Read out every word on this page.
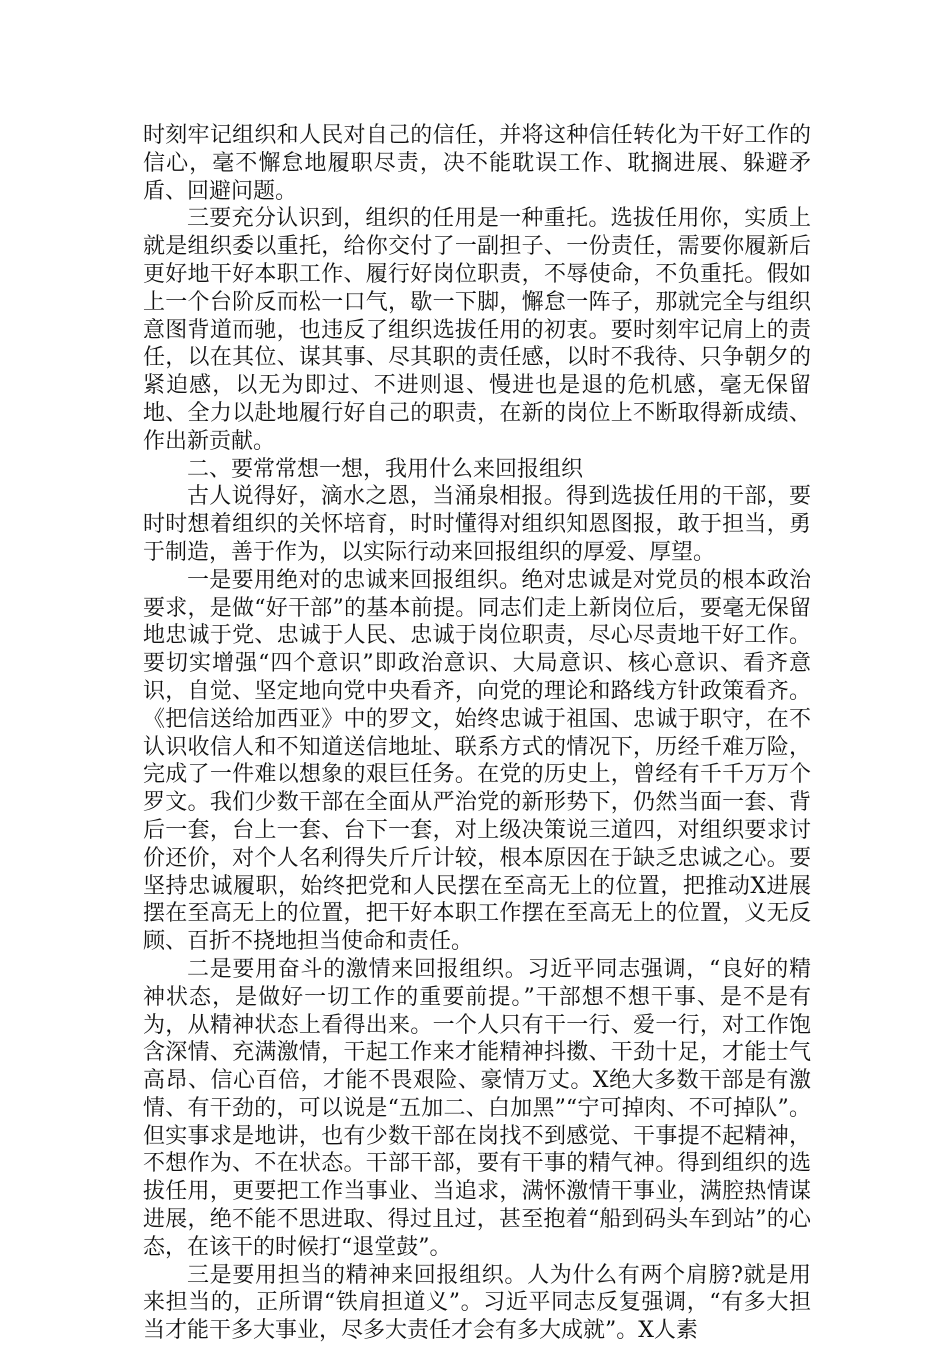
时刻牢记组织和人民对自己的信任，并将这种信任转化为干好工作的信心，毫不懈怠地履职尽责，决不能耽误工作、耽搁进展、躲避矛盾、回避问题。

三要充分认识到，组织的任用是一种重托。选拔任用你，实质上就是组织委以重托，给你交付了一副担子、一份责任，需要你履新后更好地干好本职工作、履行好岗位职责，不辱使命，不负重托。假如上一个台阶反而松一口气，歇一下脚，懈怠一阵子，那就完全与组织意图背道而驰，也违反了组织选拔任用的初衷。要时刻牢记肩上的责任，以在其位、谋其事、尽其职的责任感，以时不我待、只争朝夕的紧迫感，以无为即过、不进则退、慢进也是退的危机感，毫无保留地、全力以赴地履行好自己的职责，在新的岗位上不断取得新成绩、作出新贡献。

二、要常常想一想，我用什么来回报组织

古人说得好，滴水之恩，当涌泉相报。得到选拔任用的干部，要时时想着组织的关怀培育，时时懂得对组织知恩图报，敢于担当，勇于制造，善于作为，以实际行动来回报组织的厚爱、厚望。

一是要用绝对的忠诚来回报组织。绝对忠诚是对党员的根本政治要求，是做“好干部”的基本前提。同志们走上新岗位后，要毫无保留地忠诚于党、忠诚于人民、忠诚于岗位职责，尽心尽责地干好工作。要切实增强“四个意识”即政治意识、大局意识、核心意识、看齐意识，自觉、坚定地向党中央看齐，向党的理论和路线方针政策看齐。《把信送给加西亚》中的罗文，始终忠诚于祖国、忠诚于职守，在不认识收信人和不知道送信地址、联系方式的情况下，历经千难万险，完成了一件难以想象的艰巨任务。在党的历史上，曾经有千千万万个罗文。我们少数干部在全面从严治党的新形势下，仍然当面一套、背后一套，台上一套、台下一套，对上级决策说三道四，对组织要求讨价还价，对个人名利得失斤斤计较，根本原因在于缺乏忠诚之心。要坚持忠诚履职，始终把党和人民摆在至高无上的位置，把推动X进展摆在至高无上的位置，把干好本职工作摆在至高无上的位置，义无反顾、百折不挠地担当使命和责任。

二是要用奋斗的激情来回报组织。习近平同志强调，“良好的精神状态，是做好一切工作的重要前提。”干部想不想干事、是不是有为，从精神状态上看得出来。一个人只有干一行、爱一行，对工作饱含深情、充满激情，干起工作来才能精神抖擞、干劲十足，才能士气高昂、信心百倍，才能不畏艰险、豪情万丈。X绝大多数干部是有激情、有干劲的，可以说是“五加二、白加黑”“宁可掉肉、不可掉队”。但实事求是地讲，也有少数干部在岗找不到感觉、干事提不起精神，不想作为、不在状态。干部干部，要有干事的精气神。得到组织的选拔任用，更要把工作当事业、当追求，满怀激情干事业，满腔热情谋进展，绝不能不思进取、得过且过，甚至抱着“船到码头车到站”的心态，在该干的时候打“退堂鼓”。

三是要用担当的精神来回报组织。人为什么有两个肩膀?就是用来担当的，正所谓“铁肩担道义”。习近平同志反复强调，“有多大担当才能干多大事业，尽多大责任才会有多大成就”。X人素
